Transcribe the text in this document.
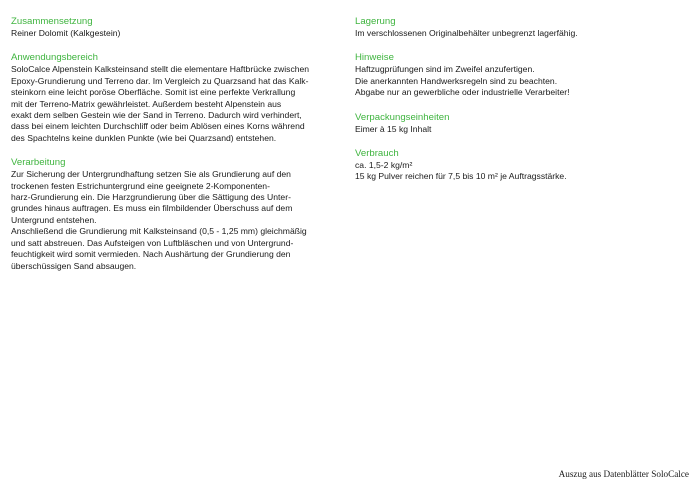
Zusammensetzung

Reiner Dolomit (Kalkgestein)

Anwendungsbereich

SoloCalce Alpenstein Kalksteinsand stellt die elementare Haftbrücke zwischen

Epoxy-Grundierung und Terreno dar. Im Vergleich zu Quarzsand hat das Kalk-

steinkorn eine leicht poröse Oberfläche. Somit ist eine perfekte Verkrallung

mit der Terreno-Matrix gewährleistet. Außerdem besteht Alpenstein aus

exakt dem selben Gestein wie der Sand in Terreno. Dadurch wird verhindert,

dass bei einem leichten Durchschliff oder beim Ablösen eines Korns während

des Spachtelns keine dunklen Punkte (wie bei Quarzsand) entstehen.

Verarbeitung

Zur Sicherung der Untergrundhaftung setzen Sie als Grundierung auf den

trockenen festen Estrichuntergrund eine geeignete 2-Komponenten-

harz-Grundierung ein. Die Harzgrundierung über die Sättigung des Unter-

grundes hinaus auftragen. Es muss ein filmbildender Überschuss auf dem

Untergrund entstehen.

Anschließend die Grundierung mit Kalksteinsand (0,5 - 1,25 mm) gleichmäßig

und satt abstreuen. Das Aufsteigen von Luftbläschen und von Untergrund-

feuchtigkeit wird somit vermieden. Nach Aushärtung der Grundierung den

überschüssigen Sand absaugen.

Lagerung

Im verschlossenen Originalbehälter unbegrenzt lagerfähig.

Hinweise

Haftzugprüfungen sind im Zweifel anzufertigen.

Die anerkannten Handwerksregeln sind zu beachten.

Abgabe nur an gewerbliche oder industrielle Verarbeiter!

Verpackungseinheiten

Eimer à 15 kg Inhalt

Verbrauch

ca. 1,5-2 kg/m²

15 kg Pulver reichen für 7,5 bis 10 m² je Auftragsstärke.

Auszug aus Datenblätter SoloCalce
